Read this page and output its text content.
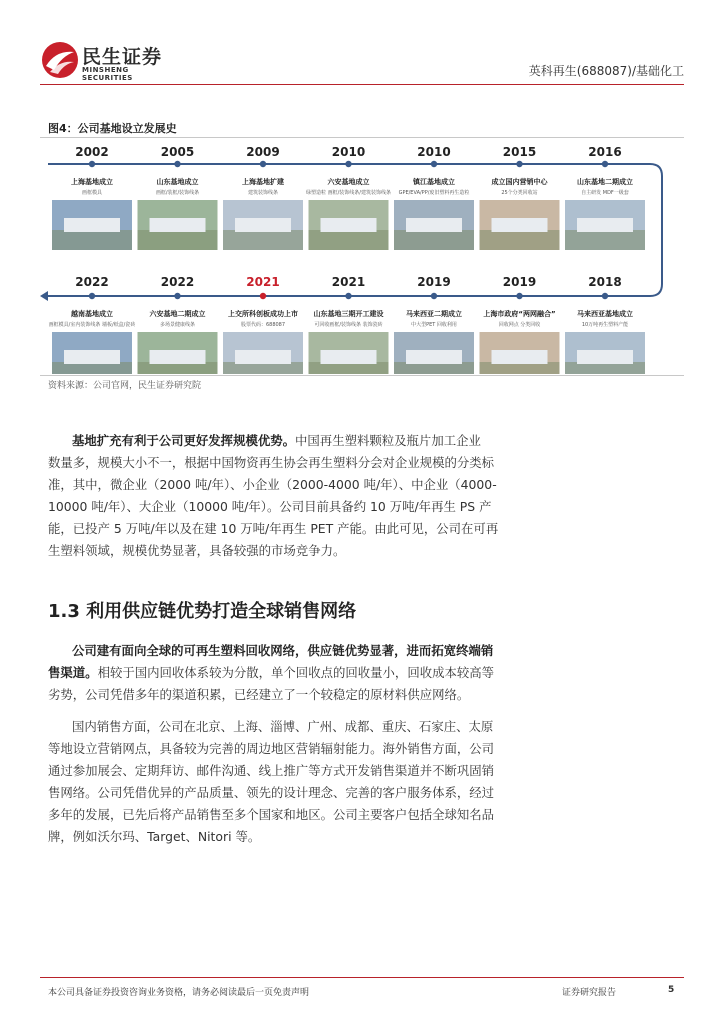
民生证券
MINSHENG SECURITIES	英科再生(688087)/基础化工
图4：公司基地设立发展史
2002
上海基地成立
画框模具
2005
山东基地成立
画框/装框/装饰线条
2009
上海基地扩建
建筑装饰线条
2010
六安基地成立
绿塑造粒 画框/装饰线条/建筑装饰线条
2010
镇江基地成立
GPE/EVA/PP/废旧塑料再生造粒
2015
成立国内营销中心
25个分类回收站
2016
山东基地二期成立
自主研发 MDF一级套
2022
越南基地成立
画框模具/室内装饰线条 墙板/纸盒/瓷砖
2022
六安基地二期成立
多场景健康线条
2021
上交所科创板成功上市
股票代码：688087
2021
山东基地三期开工建设
可回收画框/装饰线条 装饰瓷砖
2019
马来西亚二期成立
中大型PET 回收利用
2019
上海市政府“两网融合”
回收网点 分类回收
2018
马来西亚基地成立
10万吨再生塑料产能
资料来源：公司官网，民生证券研究院
基地扩充有利于公司更好发挥规模优势。中国再生塑料颗粒及瓶片加工企业
数量多，规模大小不一，根据中国物资再生协会再生塑料分会对企业规模的分类标
准，其中，微企业（2000 吨/年）、小企业（2000-4000 吨/年）、中企业（4000-
10000 吨/年）、大企业（10000 吨/年）。公司目前具备约 10 万吨/年再生 PS 产
能，已投产 5 万吨/年以及在建 10 万吨/年再生 PET 产能。由此可见，公司在可再
生塑料领域，规模优势显著，具备较强的市场竞争力。
1.3 利用供应链优势打造全球销售网络
公司建有面向全球的可再生塑料回收网络，供应链优势显著，进而拓宽终端销
售渠道。相较于国内回收体系较为分散，单个回收点的回收量小，回收成本较高等
劣势，公司凭借多年的渠道积累，已经建立了一个较稳定的原材料供应网络。
国内销售方面，公司在北京、上海、淄博、广州、成都、重庆、石家庄、太原
等地设立营销网点，具备较为完善的周边地区营销辐射能力。海外销售方面，公司
通过参加展会、定期拜访、邮件沟通、线上推广等方式开发销售渠道并不断巩固销
售网络。公司凭借优异的产品质量、领先的设计理念、完善的客户服务体系，经过
多年的发展，已先后将产品销售至多个国家和地区。公司主要客户包括全球知名品
牌，例如沃尔玛、Target、Nitori 等。
本公司具备证券投资咨询业务资格，请务必阅读最后一页免责声明	证券研究报告	5
